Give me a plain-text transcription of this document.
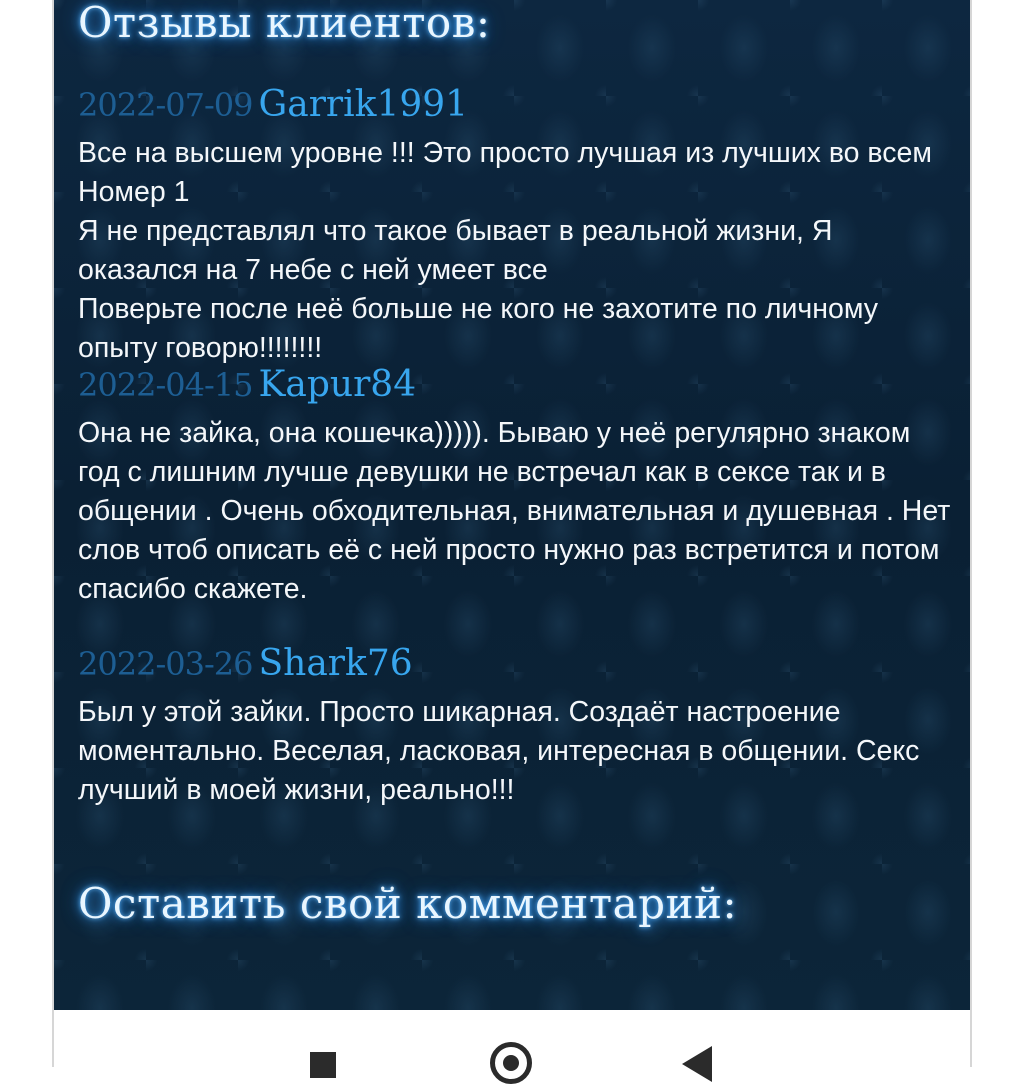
Отзывы клиентов:
2022-07-09 Garrik1991

Все на высшем уровне !!! Это просто лучшая из лучших во всем Номер 1
Я не представлял что такое бывает в реальной жизни, Я оказался на 7 небе с ней умеет все
Поверьте после неё больше не кого не захотите по личному опыту говорю!!!!!!!!

2022-04-15 Kapur84

Она не зайка, она кошечка))))). Бываю у неё регулярно знаком год с лишним лучше девушки не встречал как в сексе так и в общении . Очень обходительная, внимательная и душевная . Нет слов чтоб описать её с ней просто нужно раз встретится и потом спасибо скажете.

2022-03-26 Shark76

Был у этой зайки. Просто шикарная. Создаёт настроение моментально. Веселая, ласковая, интересная в общении. Секс лучший в моей жизни, реально!!!

Оставить свой комментарий:
